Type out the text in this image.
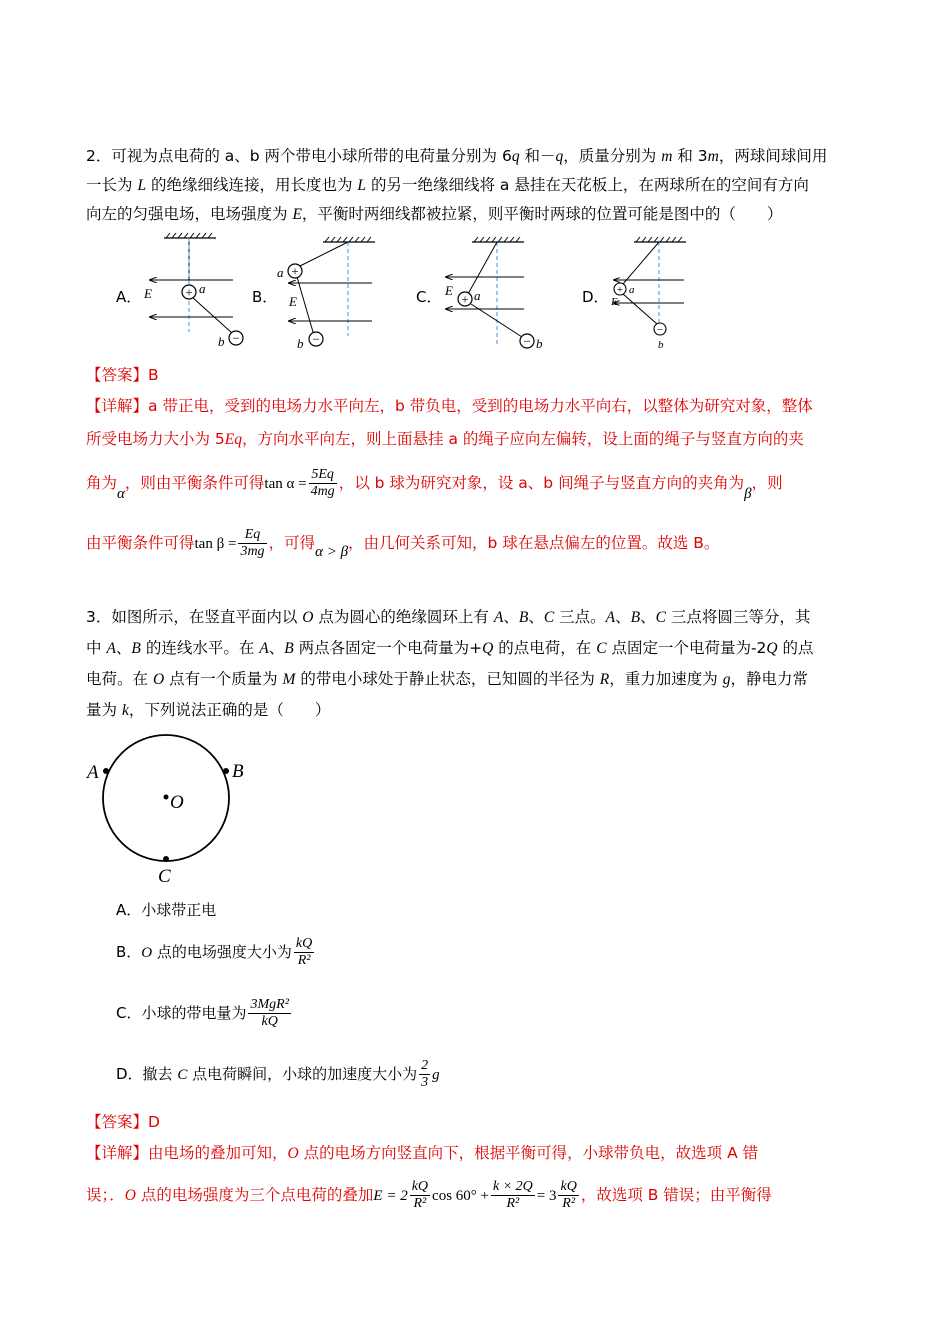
2．可视为点电荷的 a、b 两个带电小球所带的电荷量分别为 6q 和－q，质量分别为 m 和 3m，两球间球间用
一长为 L 的绝缘细线连接，用长度也为 L 的另一绝缘细线将 a 悬挂在天花板上，在两球所在的空间有方向
向左的匀强电场，电场强度为 E，平衡时两细线都被拉紧，则平衡时两球的位置可能是图中的（　　）
A．	B．	C．	D．
+
−
E	a
b
+
−
a
E
b
+
−
E a
b
+
−
a
E
b
【答案】B
【详解】a 带正电，受到的电场力水平向左，b 带负电，受到的电场力水平向右，以整体为研究对象，整体
所受电场力大小为 5Eq，方向水平向左，则上面悬挂 a 的绳子应向左偏转，设上面的绳子与竖直方向的夹
角为α，则由平衡条件可得$\tan \alpha = \frac{5Eq}{4mg}$ ，以 b 球为研究对象，设 a、b 间绳子与竖直方向的夹角为β，则
由平衡条件可得$\tan \beta = \frac{Eq}{3mg}$ ，可得α > β，由几何关系可知，b 球在悬点偏左的位置。故选 B。
3．如图所示，在竖直平面内以 O 点为圆心的绝缘圆环上有 A、B、C 三点。A、B、C 三点将圆三等分，其
中 A、B 的连线水平。在 A、B 两点各固定一个电荷量为+Q 的点电荷，在 C 点固定一个电荷量为-2Q 的点
电荷。在 O 点有一个质量为 M 的带电小球处于静止状态，已知圆的半径为 R，重力加速度为 g，静电力常
量为 k，下列说法正确的是（　　）
A	B
O
C
A．小球带正电
B．O 点的电场强度大小为 $\frac{kQ}{\text{R²}}$
C．小球的带电量为 $\frac{\text{3MgR²}}{kQ}$
D．撤去 C 点电荷瞬间，小球的加速度大小为 $\frac{2}{3}$ g
【答案】D
【详解】由电场的叠加可知，O 点的电场方向竖直向下，根据平衡可得，小球带负电，故选项 A 错
误；．O 点的电场强度为三个点电荷的叠加$E = 2 \frac{kQ}{\text{R²}}$ $\cos 60^\circ + \frac{k \times 2Q}{\text{R²}} = 3 \frac{kQ}{\text{R²}}$ ，故选项 B 错误；由平衡得
